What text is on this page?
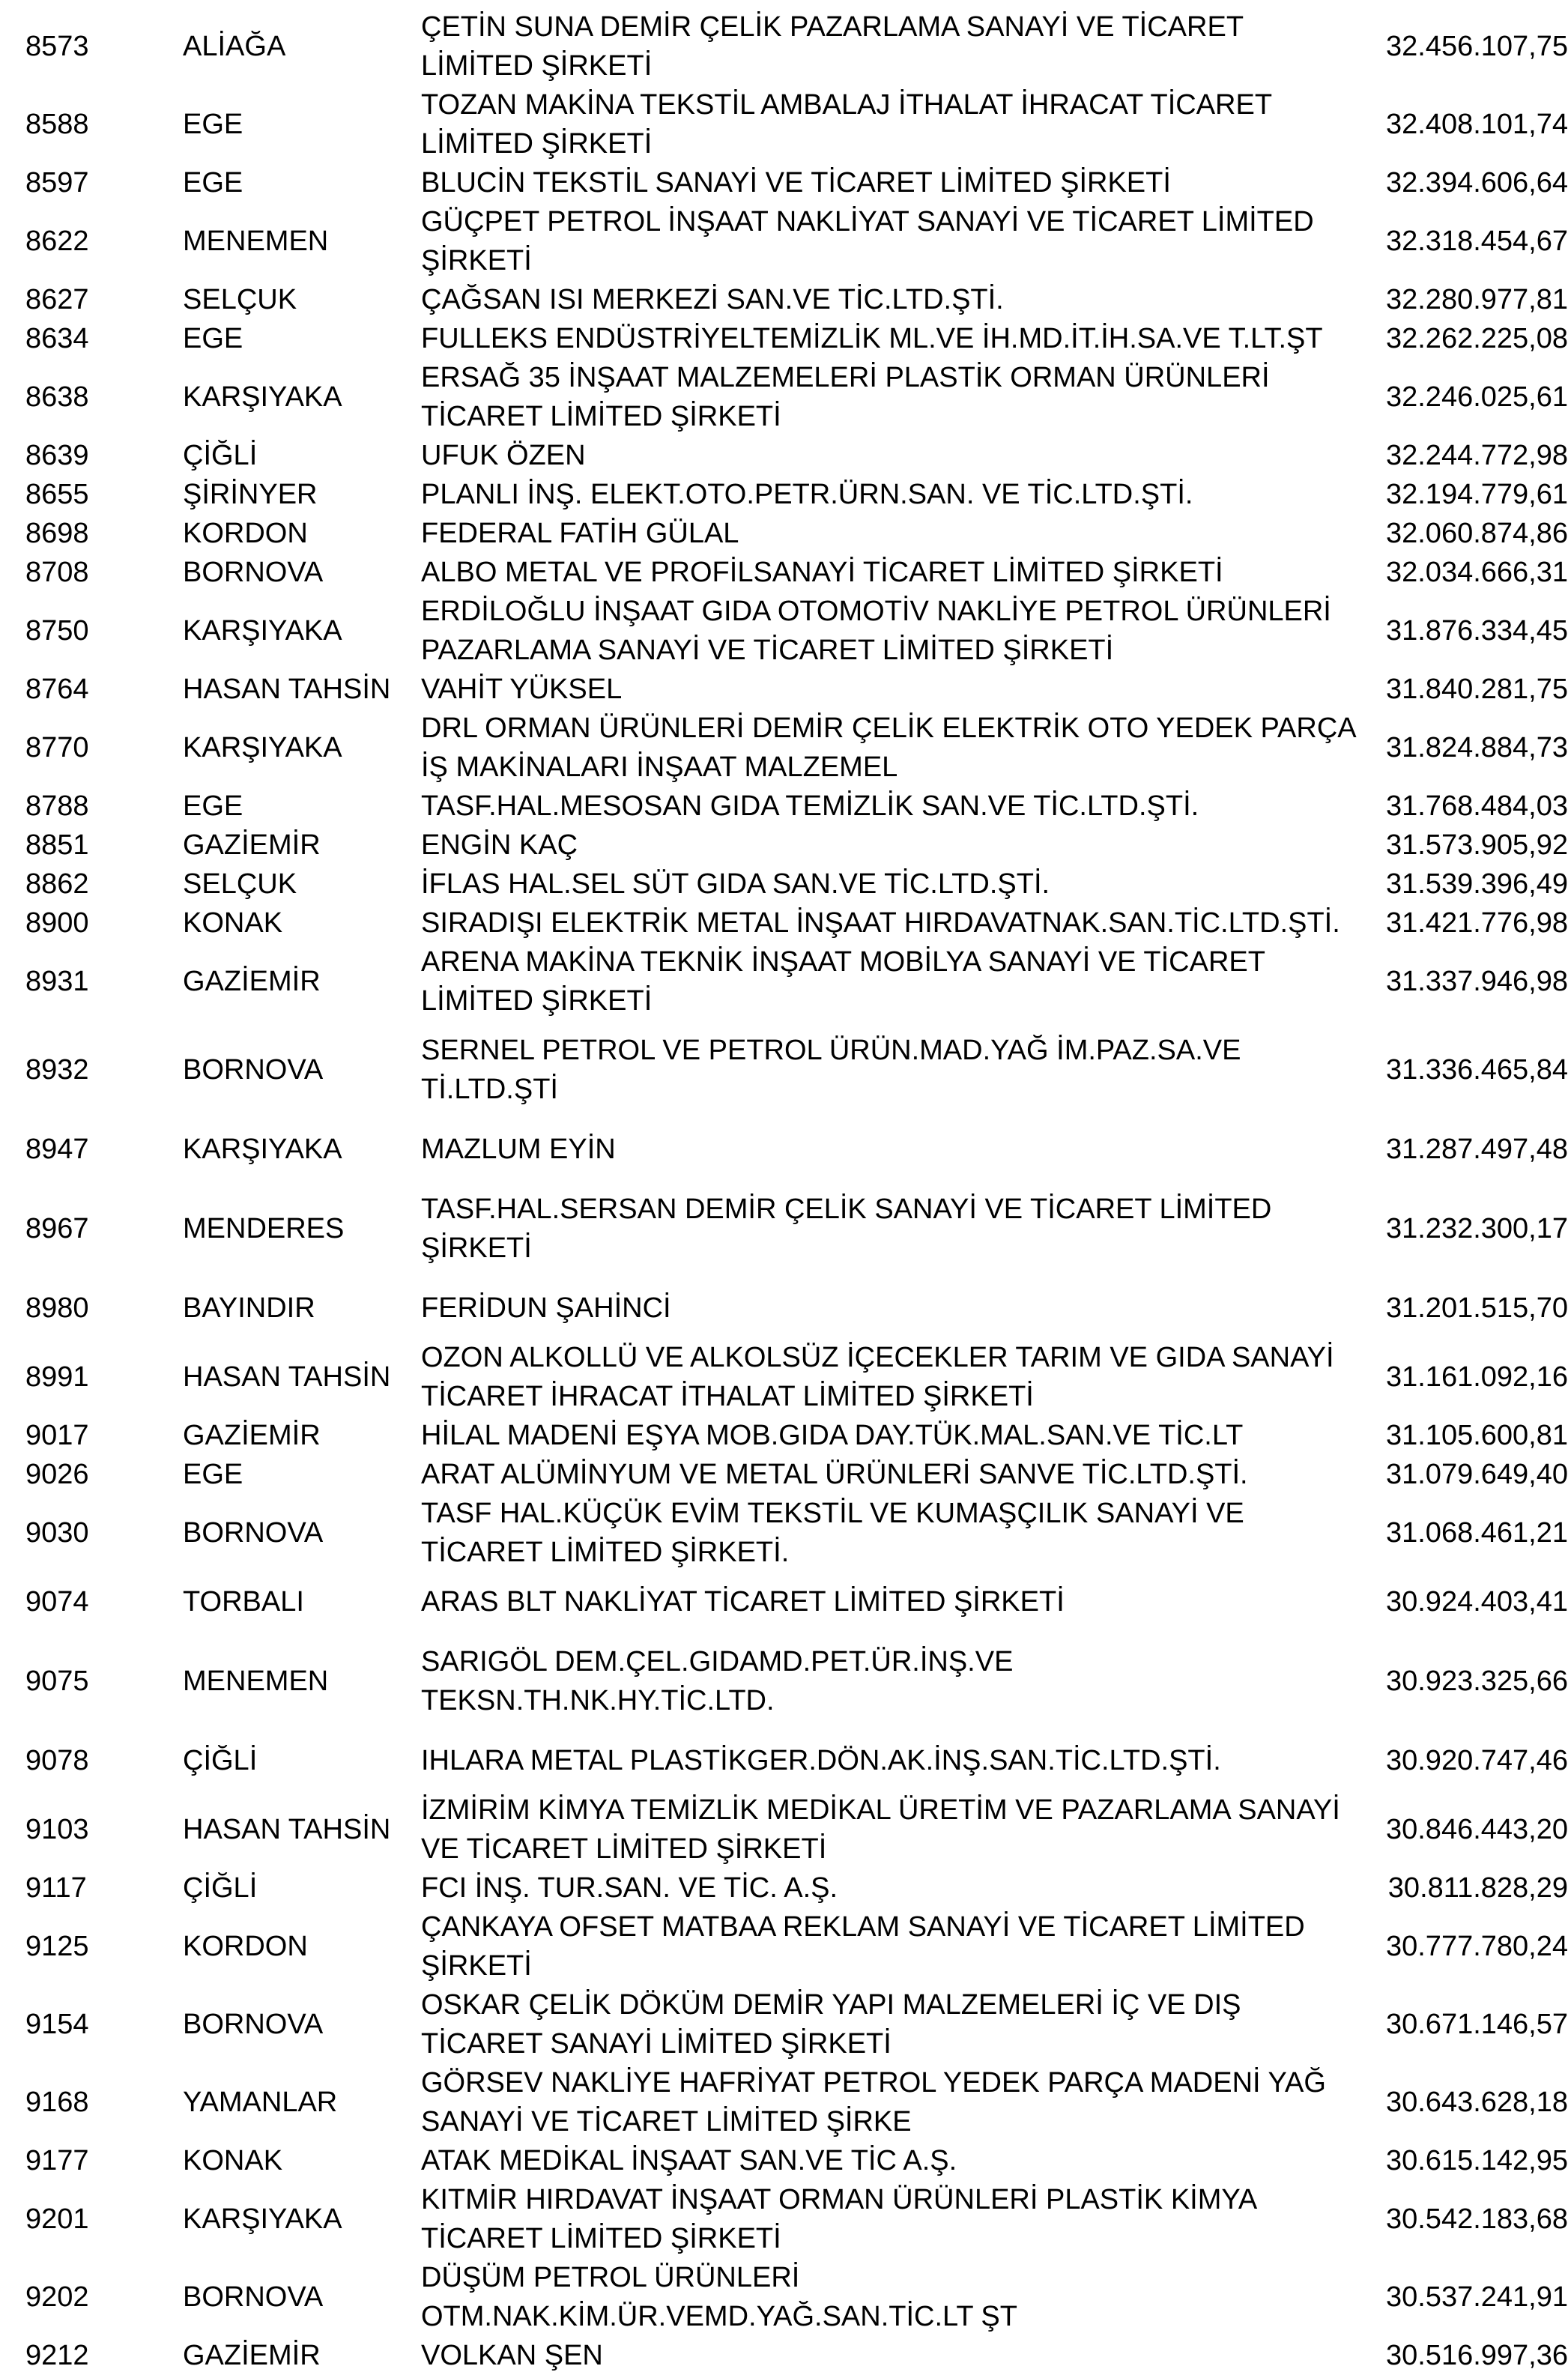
8573	ALİAĞA	ÇETİN SUNA DEMİR ÇELİK PAZARLAMA SANAYİ VE TİCARET LİMİTED ŞİRKETİ	32.456.107,75
8588	EGE	TOZAN MAKİNA TEKSTİL AMBALAJ İTHALAT İHRACAT TİCARET LİMİTED ŞİRKETİ	32.408.101,74
8597	EGE	BLUCİN TEKSTİL SANAYİ VE TİCARET LİMİTED ŞİRKETİ	32.394.606,64
8622	MENEMEN	GÜÇPET PETROL İNŞAAT NAKLİYAT SANAYİ VE TİCARET LİMİTED ŞİRKETİ	32.318.454,67
8627	SELÇUK	ÇAĞSAN ISI MERKEZİ SAN.VE TİC.LTD.ŞTİ.	32.280.977,81
8634	EGE	FULLEKS ENDÜSTRİYELTEMİZLİK ML.VE İH.MD.İT.İH.SA.VE T.LT.ŞT	32.262.225,08
8638	KARŞIYAKA	ERSAĞ 35 İNŞAAT MALZEMELERİ PLASTİK ORMAN ÜRÜNLERİ TİCARET LİMİTED ŞİRKETİ	32.246.025,61
8639	ÇİĞLİ	UFUK ÖZEN	32.244.772,98
8655	ŞİRİNYER	PLANLI İNŞ. ELEKT.OTO.PETR.ÜRN.SAN. VE TİC.LTD.ŞTİ.	32.194.779,61
8698	KORDON	FEDERAL FATİH GÜLAL	32.060.874,86
8708	BORNOVA	ALBO METAL VE PROFİLSANAYİ TİCARET LİMİTED ŞİRKETİ	32.034.666,31
8750	KARŞIYAKA	ERDİLOĞLU İNŞAAT GIDA OTOMOTİV NAKLİYE PETROL ÜRÜNLERİ PAZARLAMA SANAYİ VE TİCARET LİMİTED ŞİRKETİ	31.876.334,45
8764	HASAN TAHSİN	VAHİT YÜKSEL	31.840.281,75
8770	KARŞIYAKA	DRL ORMAN ÜRÜNLERİ DEMİR ÇELİK ELEKTRİK OTO YEDEK PARÇA İŞ MAKİNALARI İNŞAAT MALZEMEL	31.824.884,73
8788	EGE	TASF.HAL.MESOSAN GIDA TEMİZLİK SAN.VE TİC.LTD.ŞTİ.	31.768.484,03
8851	GAZİEMİR	ENGİN KAÇ	31.573.905,92
8862	SELÇUK	İFLAS HAL.SEL SÜT GIDA SAN.VE TİC.LTD.ŞTİ.	31.539.396,49
8900	KONAK	SIRADIŞI ELEKTRİK METAL İNŞAAT HIRDAVATNAK.SAN.TİC.LTD.ŞTİ.	31.421.776,98
8931	GAZİEMİR	ARENA MAKİNA TEKNİK İNŞAAT MOBİLYA SANAYİ VE TİCARET LİMİTED ŞİRKETİ	31.337.946,98
8932	BORNOVA	SERNEL PETROL VE PETROL ÜRÜN.MAD.YAĞ İM.PAZ.SA.VE Tİ.LTD.ŞTİ	31.336.465,84
8947	KARŞIYAKA	MAZLUM EYİN	31.287.497,48
8967	MENDERES	TASF.HAL.SERSAN DEMİR ÇELİK SANAYİ VE TİCARET LİMİTED ŞİRKETİ	31.232.300,17
8980	BAYINDIR	FERİDUN ŞAHİNCİ	31.201.515,70
8991	HASAN TAHSİN	OZON ALKOLLÜ VE ALKOLSÜZ İÇECEKLER TARIM VE GIDA SANAYİ TİCARET İHRACAT İTHALAT LİMİTED ŞİRKETİ	31.161.092,16
9017	GAZİEMİR	HİLAL MADENİ EŞYA MOB.GIDA DAY.TÜK.MAL.SAN.VE TİC.LT	31.105.600,81
9026	EGE	ARAT ALÜMİNYUM VE METAL ÜRÜNLERİ SANVE TİC.LTD.ŞTİ.	31.079.649,40
9030	BORNOVA	TASF HAL.KÜÇÜK EVİM TEKSTİL VE KUMAŞÇILIK SANAYİ VE TİCARET LİMİTED ŞİRKETİ.	31.068.461,21
9074	TORBALI	ARAS BLT NAKLİYAT TİCARET LİMİTED ŞİRKETİ	30.924.403,41
9075	MENEMEN	SARIGÖL DEM.ÇEL.GIDAMD.PET.ÜR.İNŞ.VE TEKSN.TH.NK.HY.TİC.LTD.	30.923.325,66
9078	ÇİĞLİ	IHLARA METAL PLASTİKGER.DÖN.AK.İNŞ.SAN.TİC.LTD.ŞTİ.	30.920.747,46
9103	HASAN TAHSİN	İZMİRİM KİMYA TEMİZLİK MEDİKAL ÜRETİM VE PAZARLAMA SANAYİ VE TİCARET LİMİTED ŞİRKETİ	30.846.443,20
9117	ÇİĞLİ	FCI İNŞ. TUR.SAN. VE TİC. A.Ş.	30.811.828,29
9125	KORDON	ÇANKAYA OFSET MATBAA REKLAM SANAYİ VE TİCARET LİMİTED ŞİRKETİ	30.777.780,24
9154	BORNOVA	OSKAR ÇELİK DÖKÜM DEMİR YAPI MALZEMELERİ İÇ VE DIŞ TİCARET SANAYİ LİMİTED ŞİRKETİ	30.671.146,57
9168	YAMANLAR	GÖRSEV NAKLİYE HAFRİYAT PETROL YEDEK PARÇA MADENİ YAĞ SANAYİ VE TİCARET LİMİTED ŞİRKE	30.643.628,18
9177	KONAK	ATAK MEDİKAL İNŞAAT SAN.VE TİC A.Ş.	30.615.142,95
9201	KARŞIYAKA	KITMİR HIRDAVAT İNŞAAT ORMAN ÜRÜNLERİ PLASTİK KİMYA TİCARET LİMİTED ŞİRKETİ	30.542.183,68
9202	BORNOVA	DÜŞÜM PETROL ÜRÜNLERİ OTM.NAK.KİM.ÜR.VEMD.YAĞ.SAN.TİC.LT ŞT	30.537.241,91
9212	GAZİEMİR	VOLKAN ŞEN	30.516.997,36
